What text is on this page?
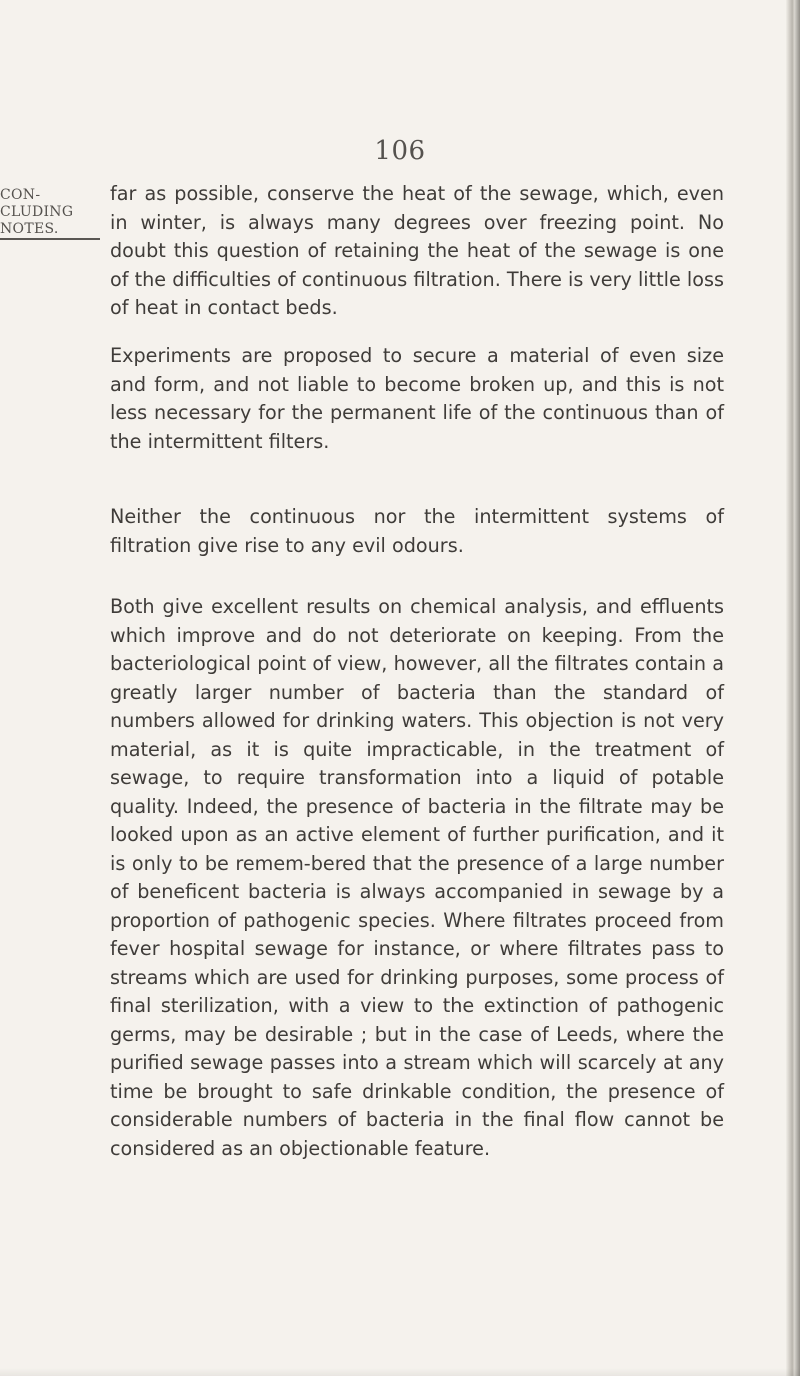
106
CON-
CLUDING
NOTES.
far as possible, conserve the heat of the sewage, which, even in winter, is always many degrees over freezing point. No doubt this question of retaining the heat of the sewage is one of the difficulties of continuous filtration. There is very little loss of heat in contact beds.
Experiments are proposed to secure a material of even size and form, and not liable to become broken up, and this is not less necessary for the permanent life of the continuous than of the intermittent filters.
Neither the continuous nor the intermittent systems of filtration give rise to any evil odours.
Both give excellent results on chemical analysis, and effluents which improve and do not deteriorate on keeping. From the bacteriological point of view, however, all the filtrates contain a greatly larger number of bacteria than the standard of numbers allowed for drinking waters. This objection is not very material, as it is quite impracticable, in the treatment of sewage, to require transformation into a liquid of potable quality. Indeed, the presence of bacteria in the filtrate may be looked upon as an active element of further purification, and it is only to be remem-bered that the presence of a large number of beneficent bacteria is always accompanied in sewage by a proportion of pathogenic species. Where filtrates proceed from fever hospital sewage for instance, or where filtrates pass to streams which are used for drinking purposes, some process of final sterilization, with a view to the extinction of pathogenic germs, may be desirable ; but in the case of Leeds, where the purified sewage passes into a stream which will scarcely at any time be brought to safe drinkable condition, the presence of considerable numbers of bacteria in the final flow cannot be considered as an objectionable feature.
